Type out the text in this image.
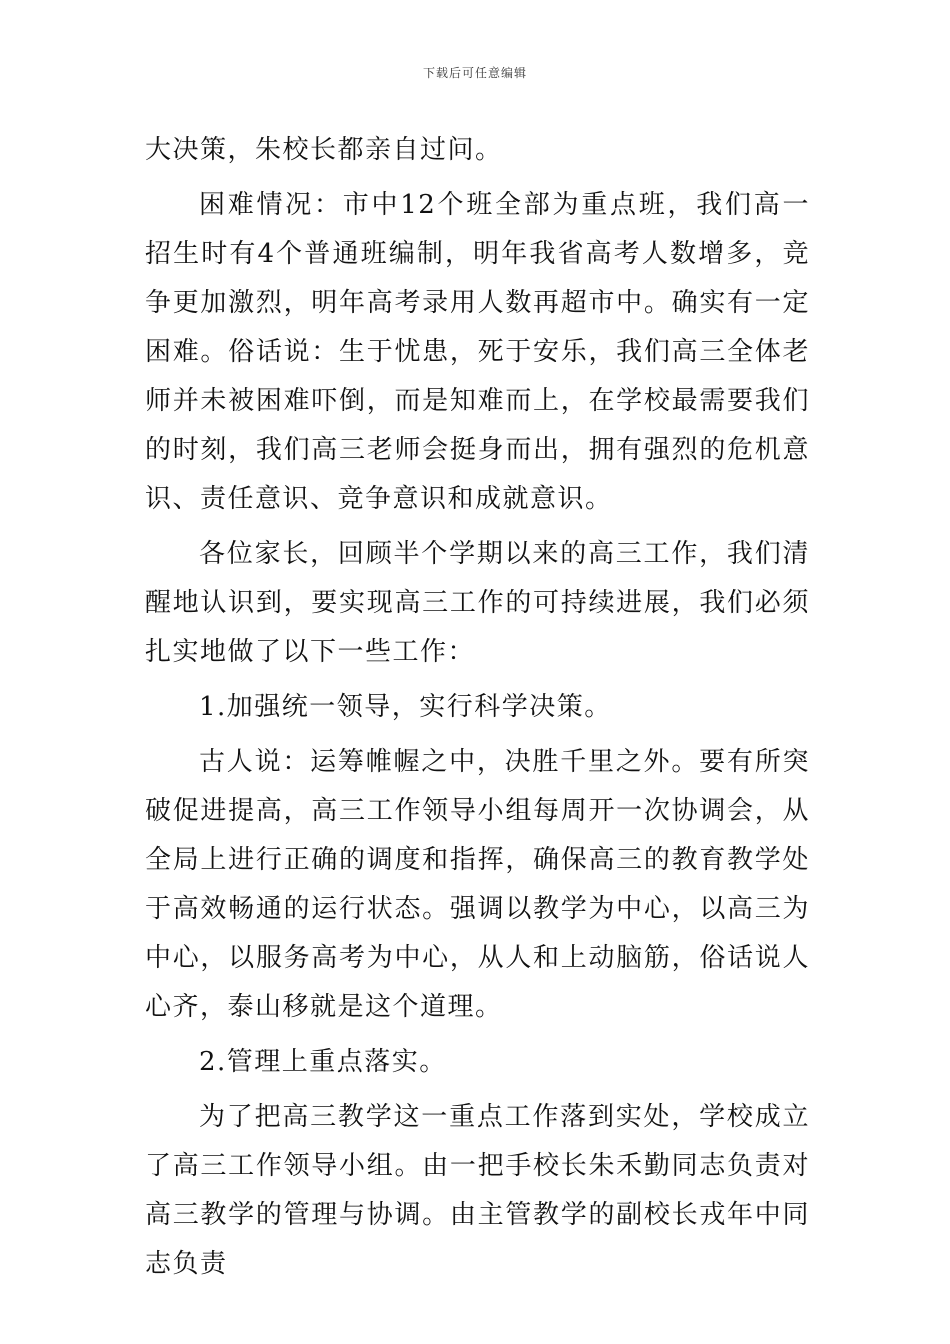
下载后可任意编辑

大决策，朱校长都亲自过问。

困难情况：市中12个班全部为重点班，我们高一招生时有4个普通班编制，明年我省高考人数增多，竞争更加激烈，明年高考录用人数再超市中。确实有一定困难。俗话说：生于忧患，死于安乐，我们高三全体老师并未被困难吓倒，而是知难而上，在学校最需要我们的时刻，我们高三老师会挺身而出，拥有强烈的危机意识、责任意识、竞争意识和成就意识。

各位家长，回顾半个学期以来的高三工作，我们清醒地认识到，要实现高三工作的可持续进展，我们必须扎实地做了以下一些工作：

1.加强统一领导，实行科学决策。

古人说：运筹帷幄之中，决胜千里之外。要有所突破促进提高，高三工作领导小组每周开一次协调会，从全局上进行正确的调度和指挥，确保高三的教育教学处于高效畅通的运行状态。强调以教学为中心，以高三为中心，以服务高考为中心，从人和上动脑筋，俗话说人心齐，泰山移就是这个道理。

2.管理上重点落实。

为了把高三教学这一重点工作落到实处，学校成立了高三工作领导小组。由一把手校长朱禾勤同志负责对高三教学的管理与协调。由主管教学的副校长戎年中同志负责
